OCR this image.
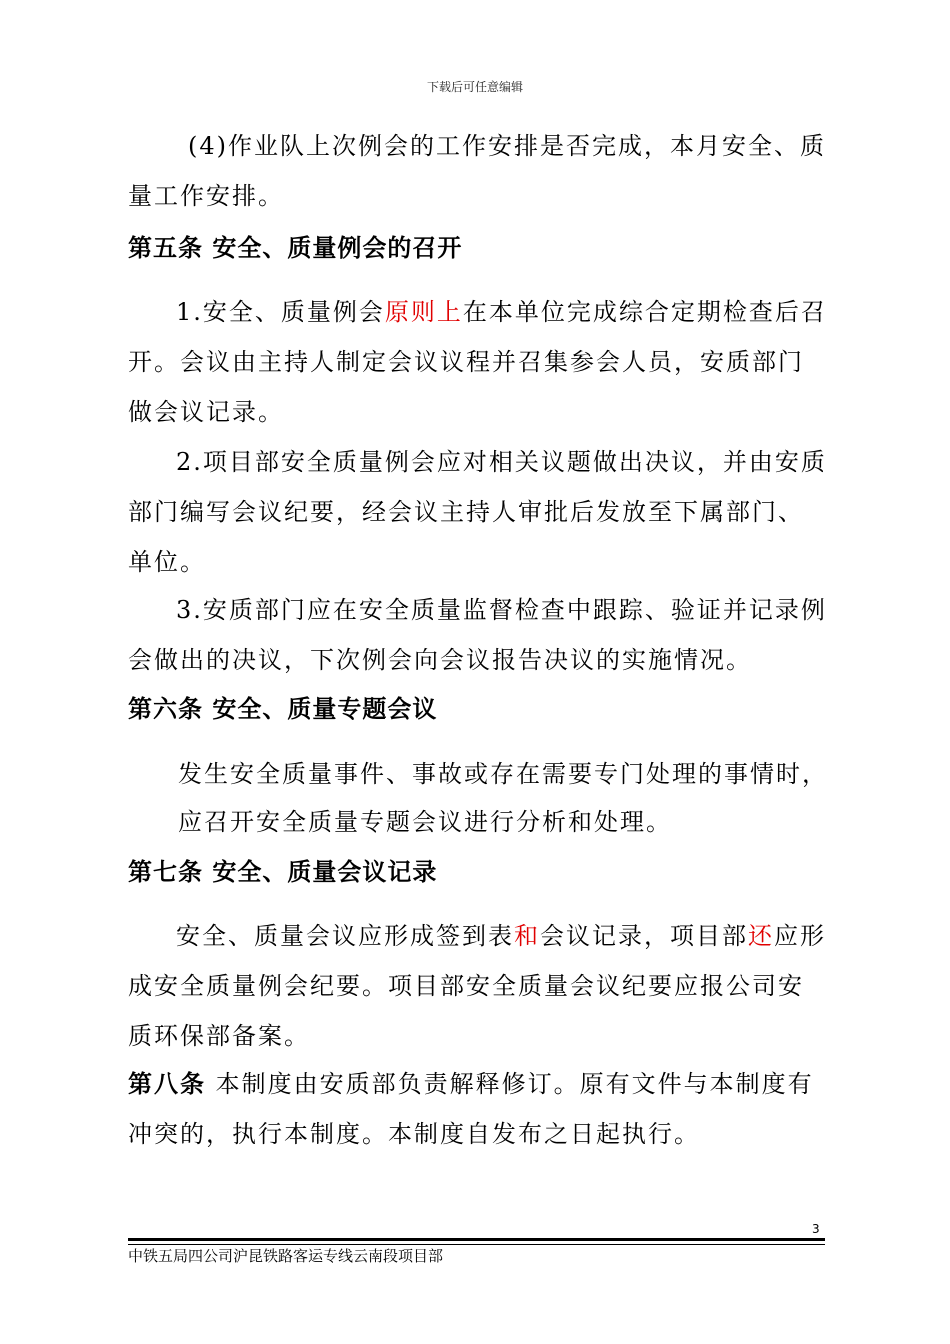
下载后可任意编辑
(4)作业队上次例会的工作安排是否完成，本月安全、质量工作安排。
第五条 安全、质量例会的召开
1.安全、质量例会原则上在本单位完成综合定期检查后召开。会议由主持人制定会议议程并召集参会人员，安质部门做会议记录。
2.项目部安全质量例会应对相关议题做出决议，并由安质部门编写会议纪要，经会议主持人审批后发放至下属部门、单位。
3.安质部门应在安全质量监督检查中跟踪、验证并记录例会做出的决议，下次例会向会议报告决议的实施情况。
第六条 安全、质量专题会议
发生安全质量事件、事故或存在需要专门处理的事情时，
应召开安全质量专题会议进行分析和处理。
第七条 安全、质量会议记录
安全、质量会议应形成签到表和会议记录，项目部还应形成安全质量例会纪要。项目部安全质量会议纪要应报公司安质环保部备案。
第八条 本制度由安质部负责解释修订。原有文件与本制度有冲突的，执行本制度。本制度自发布之日起执行。
3
中铁五局四公司沪昆铁路客运专线云南段项目部
